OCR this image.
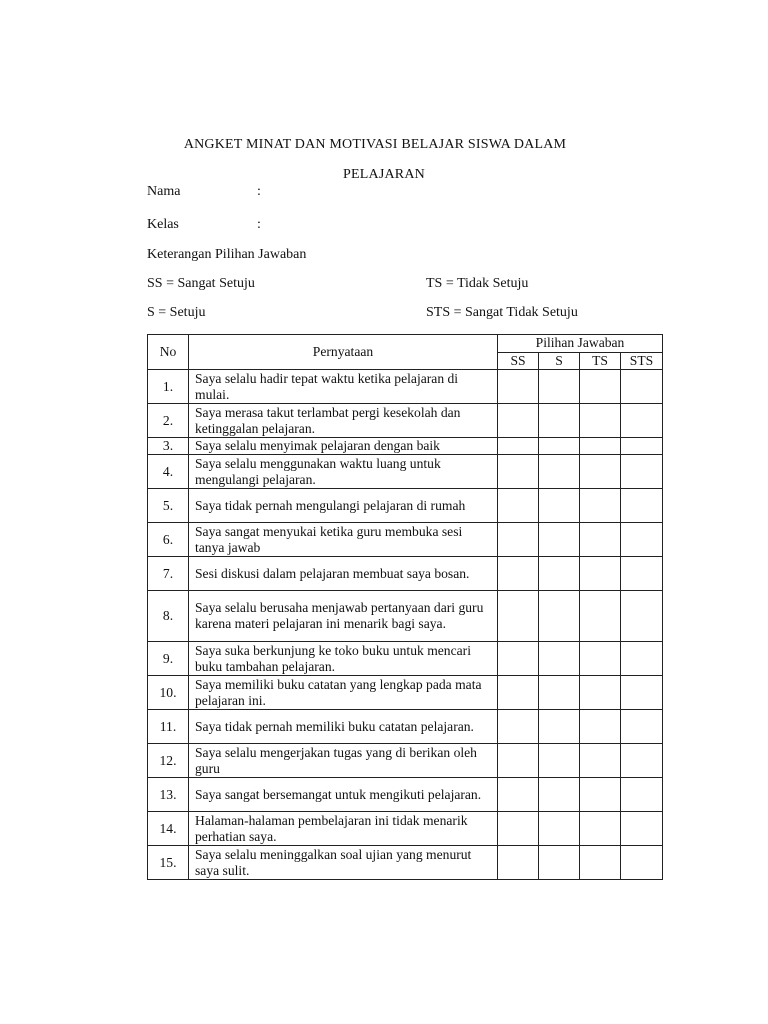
ANGKET MINAT DAN MOTIVASI BELAJAR SISWA DALAM
PELAJARAN
Nama	:
Kelas	:
Keterangan Pilihan Jawaban
SS = Sangat Setuju	TS = Tidak Setuju
S = Setuju	STS = Sangat Tidak Setuju
No	Pernyataan	Pilihan Jawaban			
		SS	S	TS	STS
1.	Saya selalu hadir tepat waktu ketika pelajaran di mulai.				
2.	Saya merasa takut terlambat pergi kesekolah dan ketinggalan pelajaran.				
3.	Saya selalu menyimak pelajaran dengan baik				
4.	Saya selalu menggunakan waktu luang untuk mengulangi pelajaran.				
5.	Saya tidak pernah mengulangi pelajaran di rumah				
6.	Saya sangat menyukai ketika guru membuka sesi tanya jawab				
7.	Sesi diskusi dalam pelajaran membuat saya bosan.				
8.	Saya selalu berusaha menjawab pertanyaan dari guru karena materi pelajaran ini menarik bagi saya.				
9.	Saya suka berkunjung ke toko buku untuk mencari buku tambahan pelajaran.				
10.	Saya memiliki buku catatan yang lengkap pada mata pelajaran ini.				
11.	Saya tidak pernah memiliki buku catatan pelajaran.				
12.	Saya selalu mengerjakan tugas yang di berikan oleh guru				
13.	Saya sangat bersemangat untuk mengikuti pelajaran.				
14.	Halaman-halaman pembelajaran ini tidak menarik perhatian saya.				
15.	Saya selalu meninggalkan soal ujian yang menurut saya sulit.				
